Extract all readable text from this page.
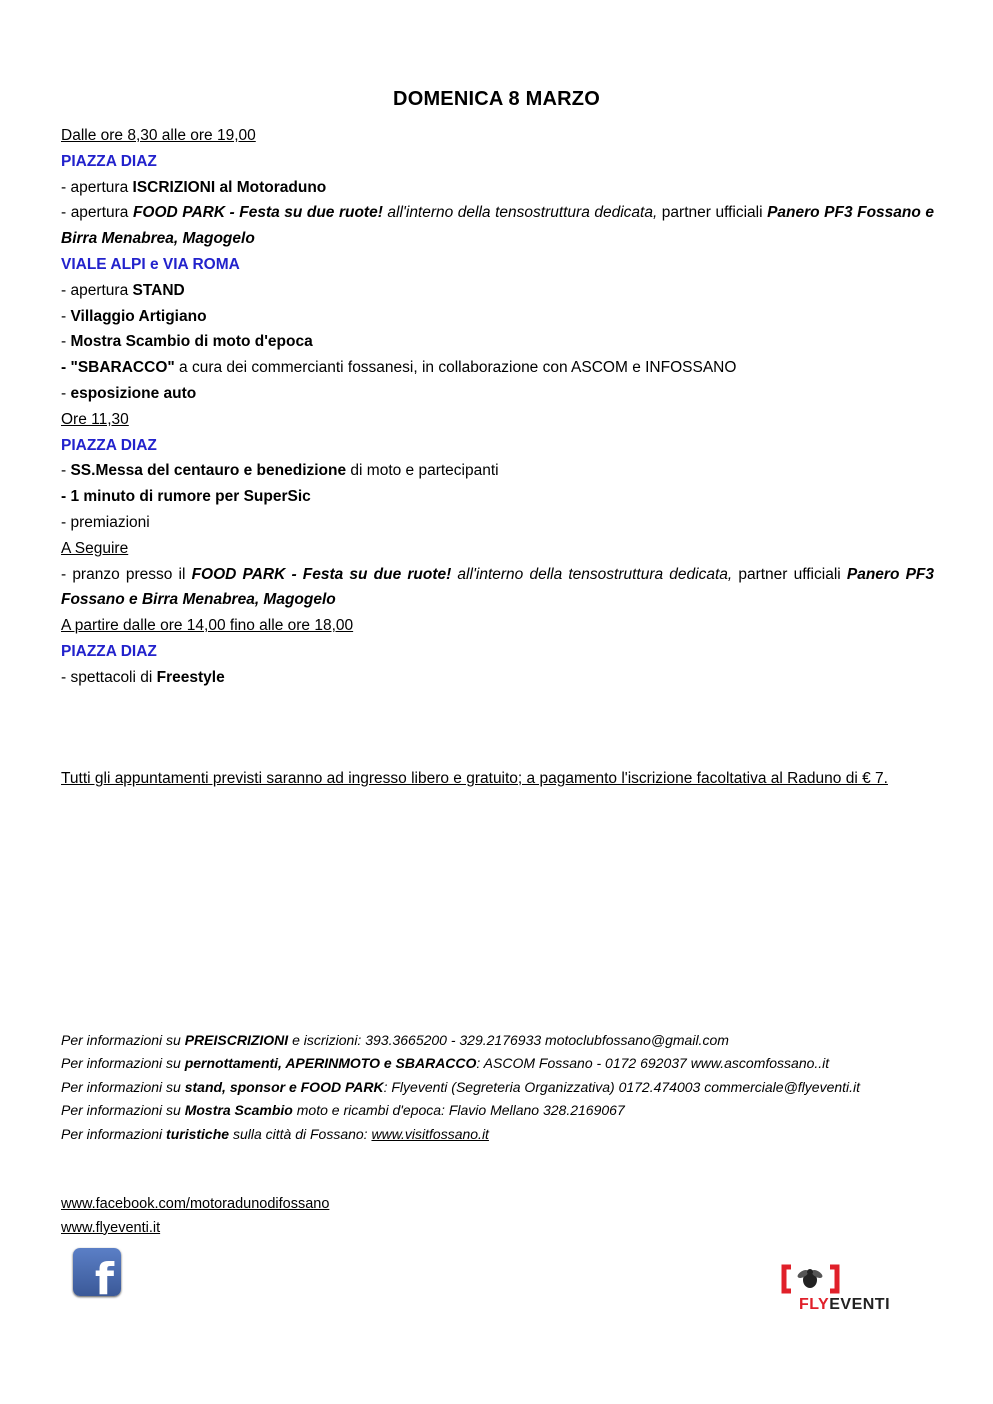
DOMENICA 8 MARZO

Dalle ore 8,30 alle ore 19,00

PIAZZA DIAZ

- apertura ISCRIZIONI al Motoraduno

- apertura FOOD PARK - Festa su due ruote! all'interno della tensostruttura dedicata, partner ufficiali Panero PF3 Fossano e Birra Menabrea, Magogelo

VIALE ALPI e VIA ROMA

- apertura STAND

- Villaggio Artigiano

- Mostra Scambio di moto d'epoca

- "SBARACCO" a cura dei commercianti fossanesi, in collaborazione con ASCOM e INFOSSANO

- esposizione auto

Ore 11,30

PIAZZA DIAZ

- SS.Messa del centauro e benedizione di moto e partecipanti

- 1 minuto di rumore per SuperSic

- premiazioni

A Seguire

- pranzo presso il FOOD PARK - Festa su due ruote! all'interno della tensostruttura dedicata, partner ufficiali Panero PF3 Fossano e Birra Menabrea, Magogelo

A partire dalle ore 14,00 fino alle ore 18,00

PIAZZA DIAZ

- spettacoli di Freestyle

Tutti gli appuntamenti previsti saranno ad ingresso libero e gratuito; a pagamento l'iscrizione facoltativa al Raduno di € 7.
Per informazioni su PREISCRIZIONI e iscrizioni: 393.3665200 - 329.2176933 motoclubfossano@gmail.com
Per informazioni su pernottamenti, APERINMOTO e SBARACCO: ASCOM Fossano - 0172 692037 www.ascomfossano..it
Per informazioni su stand, sponsor e FOOD PARK: Flyeventi (Segreteria Organizzativa) 0172.474003 commerciale@flyeventi.it
Per informazioni su Mostra Scambio moto e ricambi d'epoca: Flavio Mellano 328.2169067
Per informazioni turistiche sulla città di Fossano: www.visitfossano.it
www.facebook.com/motoradunodifossano
www.flyeventi.it
f	FLYEVENTI
